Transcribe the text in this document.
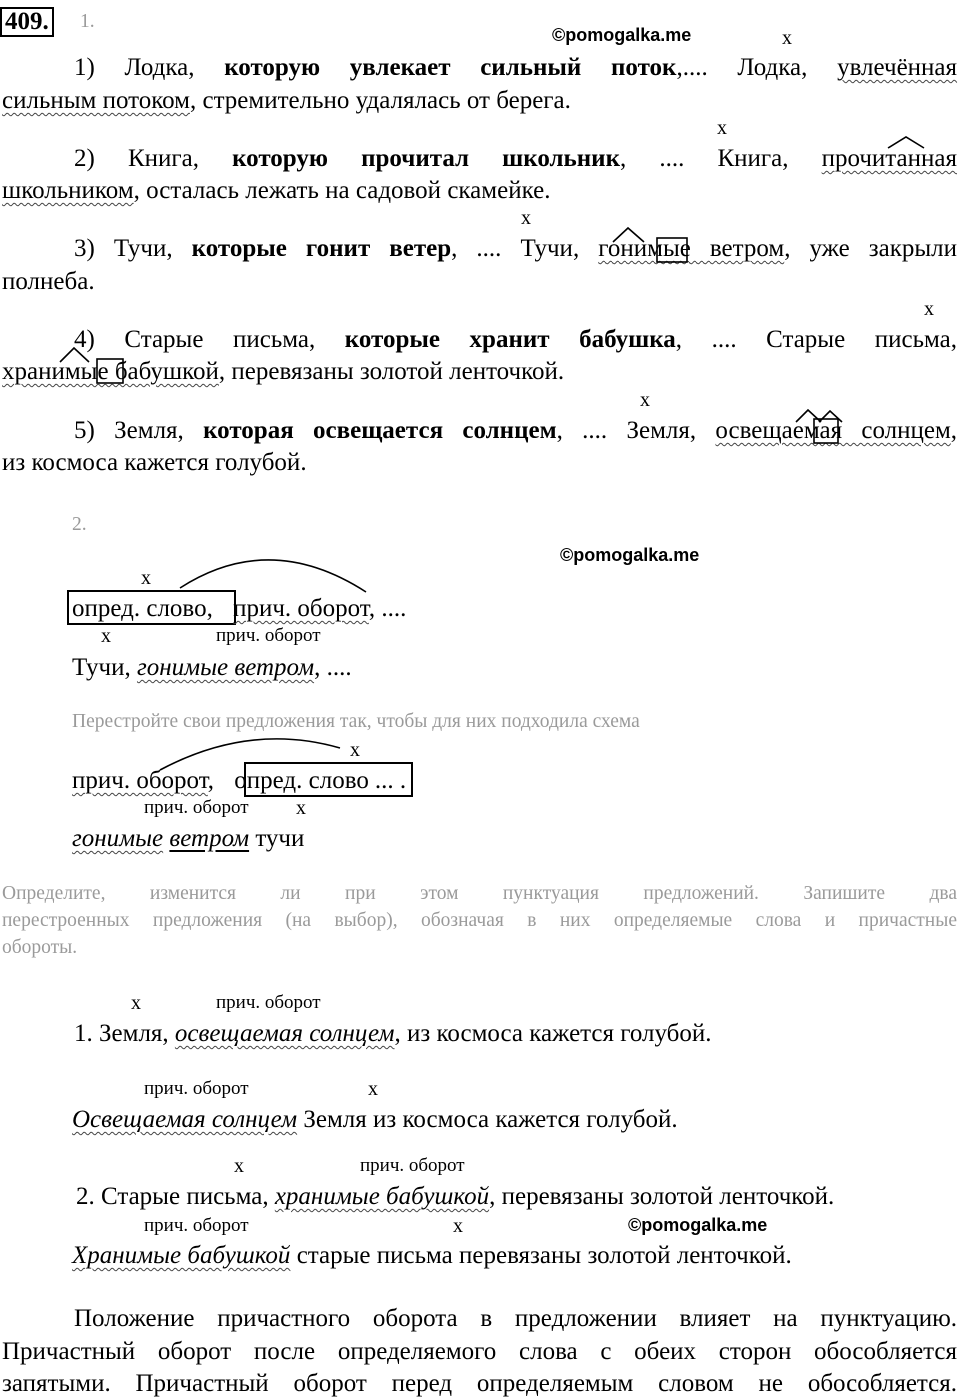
409. 1.
©pomogalka.me	x
1) Лодка, которую увлекает сильный поток,.... Лодка, увлечённая
сильным потоком, стремительно удалялась от берега.
x
2) Книга, которую прочитал школьник, .... Книга, прочитанная
школьником, осталась лежать на садовой скамейке.
x
3) Тучи, которые гонит ветер, .... Тучи, гонимые ветром, уже закрыли
полнеба.
x
4) Старые письма, которые хранит бабушка, .... Старые письма,
хранимые бабушкой, перевязаны золотой ленточкой.
x
5) Земля, которая освещается солнцем, .... Земля, освещаемая солнцем,
из космоса кажется голубой.
2.
©pomogalka.me
x
опред. слово, прич. оборот, ....
x	прич. оборот
Тучи, гонимые ветром, ....
Перестройте свои предложения так, чтобы для них подходила схема
x
прич. оборот, опред. слово ... .
прич. оборот x
гонимые ветром тучи
Определите, изменится ли при этом пунктуация предложений. Запишите два
перестроенных предложения (на выбор), обозначая в них определяемые слова и причастные
обороты.
x	прич. оборот
1. Земля, освещаемая солнцем, из космоса кажется голубой.
прич. оборот	x
Освещаемая солнцем Земля из космоса кажется голубой.
x	прич. оборот
2. Старые письма, хранимые бабушкой, перевязаны золотой ленточкой.
прич. оборот	x	©pomogalka.me
Хранимые бабушкой старые письма перевязаны золотой ленточкой.
Положение причастного оборота в предложении влияет на пунктуацию.
Причастный оборот после определяемого слова с обеих сторон обособляется
запятыми. Причастный оборот перед определяемым словом не обособляется.
